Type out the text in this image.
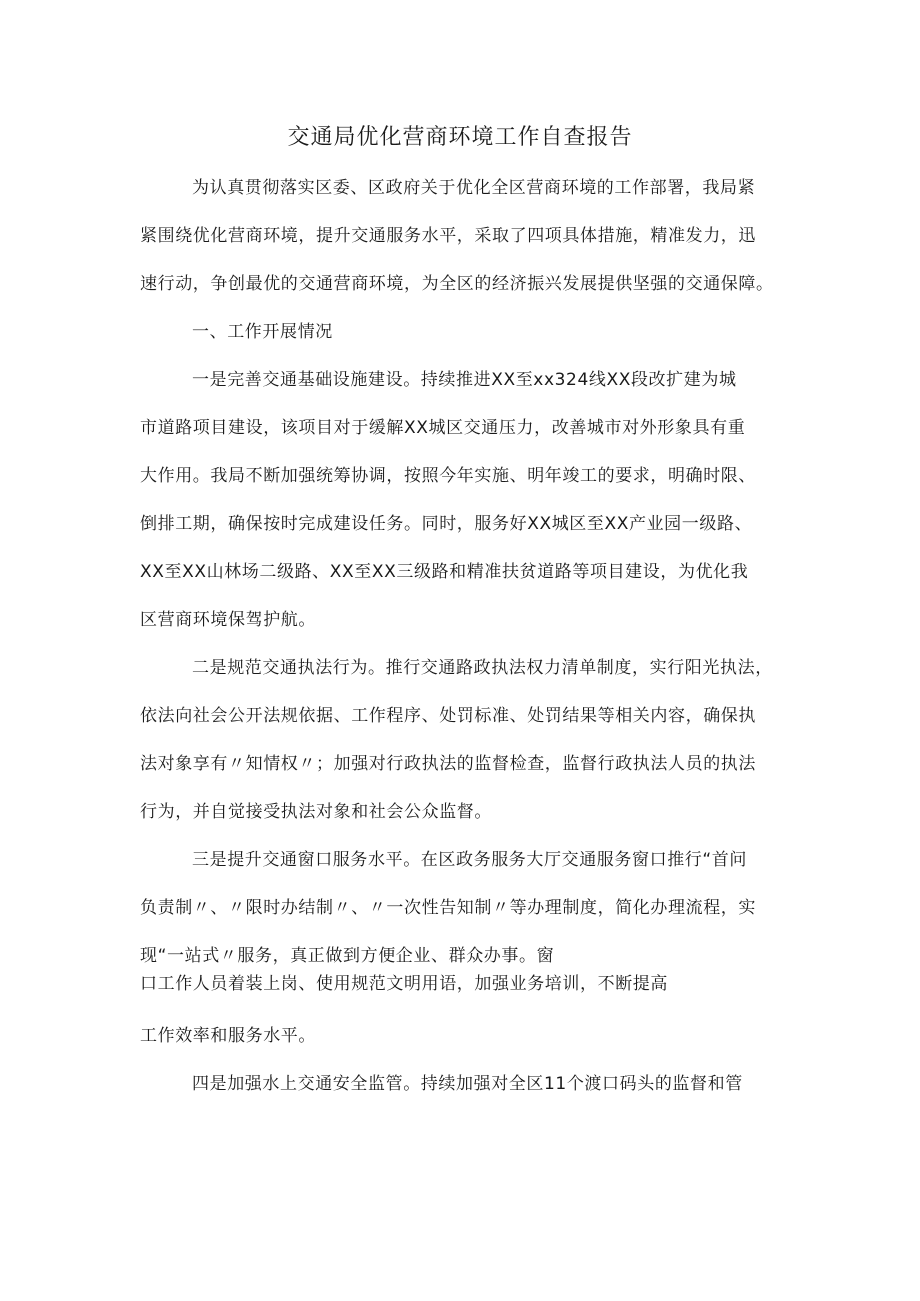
交通局优化营商环境工作自查报告
为认真贯彻落实区委、区政府关于优化全区营商环境的工作部署，我局紧
紧围绕优化营商环境，提升交通服务水平，采取了四项具体措施，精准发力，迅
速行动，争创最优的交通营商环境，为全区的经济振兴发展提供坚强的交通保障。
一、工作开展情况
一是完善交通基础设施建设。持续推进XX至xx324线XX段改扩建为城
市道路项目建设，该项目对于缓解XX城区交通压力，改善城市对外形象具有重
大作用。我局不断加强统筹协调，按照今年实施、明年竣工的要求，明确时限、
倒排工期，确保按时完成建设任务。同时，服务好XX城区至XX产业园一级路、
XX至XX山林场二级路、XX至XX三级路和精准扶贫道路等项目建设，为优化我
区营商环境保驾护航。
二是规范交通执法行为。推行交通路政执法权力清单制度，实行阳光执法，
依法向社会公开法规依据、工作程序、处罚标准、处罚结果等相关内容，确保执
法对象享有〃知情权〃；加强对行政执法的监督检查，监督行政执法人员的执法
行为，并自觉接受执法对象和社会公众监督。
三是提升交通窗口服务水平。在区政务服务大厅交通服务窗口推行“首问
负责制〃、〃限时办结制〃、〃一次性告知制〃等办理制度，简化办理流程，实
现“一站式〃服务，真正做到方便企业、群众办事。窗
口工作人员着装上岗、使用规范文明用语，加强业务培训，不断提高
工作效率和服务水平。
四是加强水上交通安全监管。持续加强对全区11个渡口码头的监督和管
